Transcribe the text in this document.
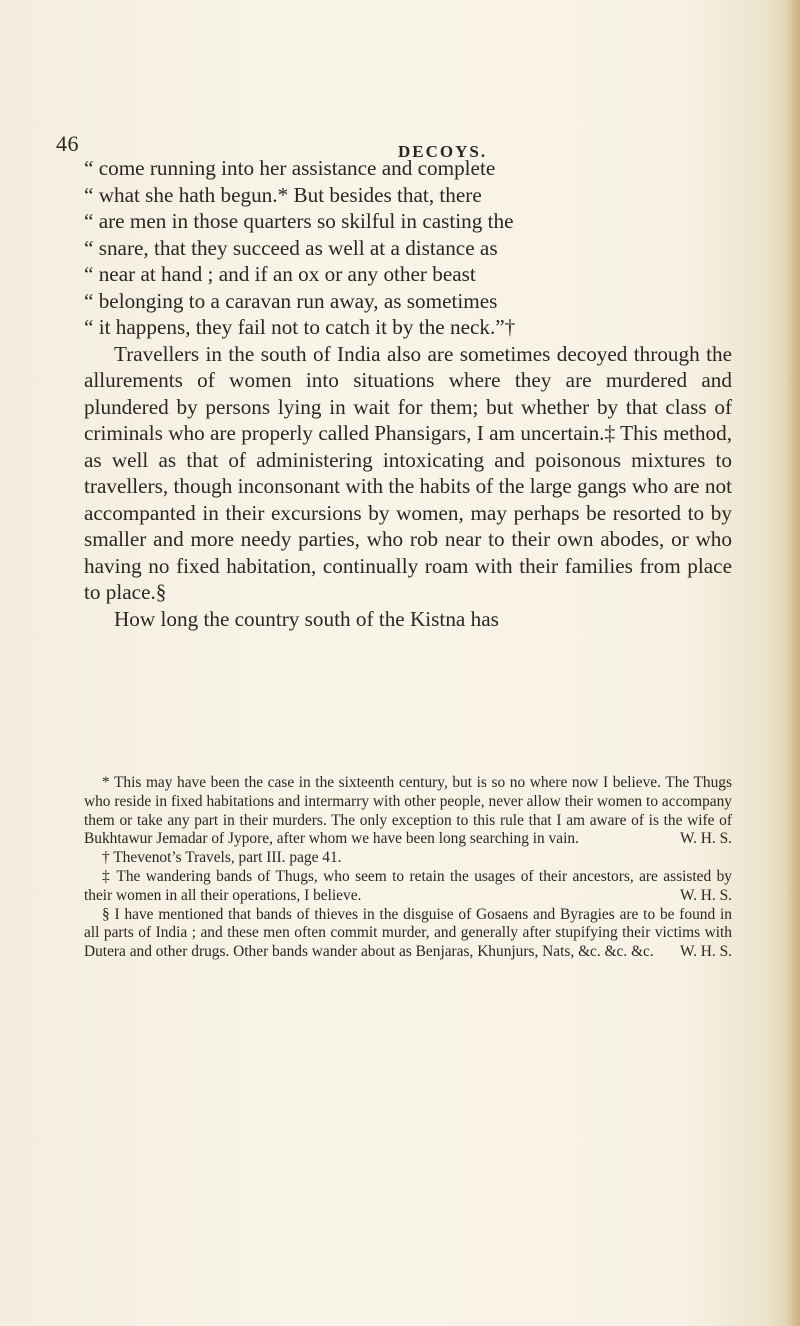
46	DECOYS.
“ come running into her assistance and complete
“ what she hath begun.* But besides that, there
“ are men in those quarters so skilful in casting the
“ snare, that they succeed as well at a distance as
“ near at hand ; and if an ox or any other beast
“ belonging to a caravan run away, as sometimes
“ it happens, they fail not to catch it by the neck.”†

Travellers in the south of India also are sometimes decoyed through the allurements of women into situations where they are murdered and plundered by persons lying in wait for them; but whether by that class of criminals who are properly called Phansigars, I am uncertain.‡ This method, as well as that of administering intoxicating and poisonous mixtures to travellers, though inconsonant with the habits of the large gangs who are not accompanted in their excursions by women, may perhaps be resorted to by smaller and more needy parties, who rob near to their own abodes, or who having no fixed habitation, continually roam with their families from place to place.§

How long the country south of the Kistna has

* This may have been the case in the sixteenth century, but is so no where now I believe. The Thugs who reside in fixed habitations and intermarry with other people, never allow their women to accompany them or take any part in their murders. The only exception to this rule that I am aware of is the wife of Bukhtawur Jemadar of Jypore, after whom we have been long searching in vain.	W. H. S.

† Thevenot’s Travels, part III. page 41.

‡ The wandering bands of Thugs, who seem to retain the usages of their ancestors, are assisted by their women in all their operations, I believe.	W. H. S.

§ I have mentioned that bands of thieves in the disguise of Gosaens and Byragies are to be found in all parts of India ; and these men often commit murder, and generally after stupifying their victims with Dutera and other drugs. Other bands wander about as Benjaras, Khunjurs, Nats, &c. &c. &c.	W. H. S.
